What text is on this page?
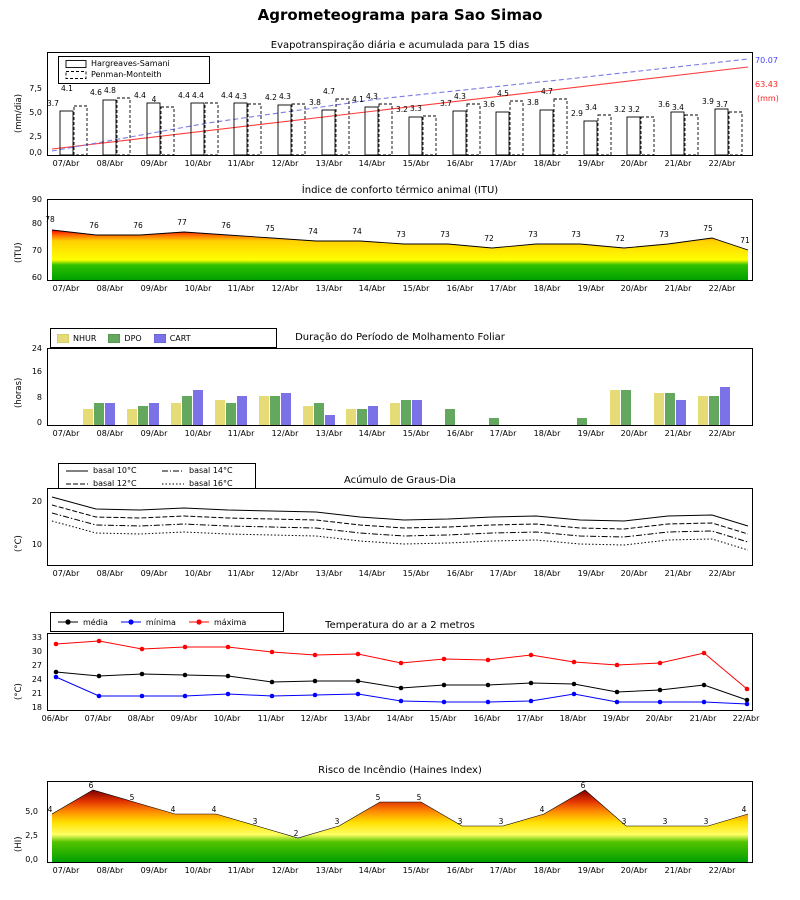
Agrometeograma para Sao Simao
Evapotranspiração diária e acumulada para 15 dias
(mm/dia)
0,0
2,5
5,0
7,5
Hargreaves-Samani
Penman-Monteith
70.07
63.43
(mm)
3.7
4.6	4.4	4.4	4.4	4.2
3.8	4.1
3.2
3.7	3.6	3.8
2.9	3.2
3.6	3.9
4.1	4.8
4	4.4	4.3	4.3
4.7
4.3
3.3
4.3	4.5	4.7
3.4	3.2	3.4	3.7
07/Abr	08/Abr	09/Abr	10/Abr	11/Abr	12/Abr	13/Abr	14/Abr	15/Abr	16/Abr	17/Abr	18/Abr	19/Abr	20/Abr	21/Abr	22/Abr
Índice de conforto térmico animal (ITU)
(ITU)
60
70
80
90
78
76	76	77	76	75	74	74	73	73	72	73	73	72	73
75
71
07/Abr	08/Abr	09/Abr	10/Abr	11/Abr	12/Abr	13/Abr	14/Abr	15/Abr	16/Abr	17/Abr	18/Abr	19/Abr	20/Abr	21/Abr	22/Abr
Duração do Período de Molhamento Foliar
(horas)
NHUR	DPO	CART
0
8
16
24
07/Abr	08/Abr	09/Abr	10/Abr	11/Abr	12/Abr	13/Abr	14/Abr	15/Abr	16/Abr	17/Abr	18/Abr	19/Abr	20/Abr	21/Abr	22/Abr
Acúmulo de Graus-Dia
(°C)
basal 10°C	basal 14°C
basal 12°C	basal 16°C
10
20
07/Abr	08/Abr	09/Abr	10/Abr	11/Abr	12/Abr	13/Abr	14/Abr	15/Abr	16/Abr	17/Abr	18/Abr	19/Abr	20/Abr	21/Abr	22/Abr
Temperatura do ar a 2 metros
(°C)
média	mínima	máxima
18
21
24
27
30
33
06/Abr	07/Abr	08/Abr	09/Abr	10/Abr	11/Abr	12/Abr	13/Abr	14/Abr	15/Abr	16/Abr	17/Abr	18/Abr	19/Abr	20/Abr	21/Abr	22/Abr
Risco de Incêndio (Haines Index)
(HI)
0,0
2,5
5,0	4
6
5
4	4
3
2
3
5	5
3	3
4
6
3	3	3
4
07/Abr	08/Abr	09/Abr	10/Abr	11/Abr	12/Abr	13/Abr	14/Abr	15/Abr	16/Abr	17/Abr	18/Abr	19/Abr	20/Abr	21/Abr	22/Abr
